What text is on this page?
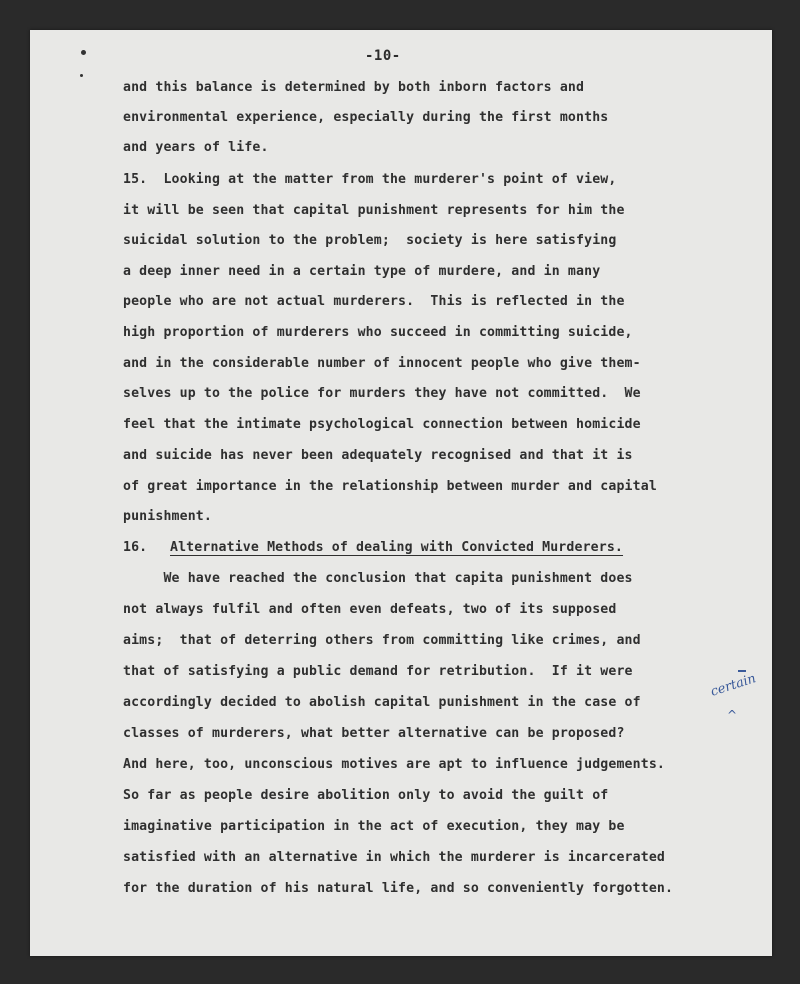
-10-
and this balance is determined by both inborn factors and
environmental experience, especially during the first months
and years of life.
15.  Looking at the matter from the murderer's point of view,
it will be seen that capital punishment represents for him the
suicidal solution to the problem;  society is here satisfying
a deep inner need in a certain type of murdere, and in many
people who are not actual murderers.  This is reflected in the
high proportion of murderers who succeed in committing suicide,
and in the considerable number of innocent people who give them-
selves up to the police for murders they have not committed.  We
feel that the intimate psychological connection between homicide
and suicide has never been adequately recognised and that it is
of great importance in the relationship between murder and capital
punishment.
16. Alternative Methods of dealing with Convicted Murderers.
We have reached the conclusion that capita punishment does
not always fulfil and often even defeats, two of its supposed
aims;  that of deterring others from committing like crimes, and
that of satisfying a public demand for retribution.  If it were
accordingly decided to abolish capital punishment in the case of
classes of murderers, what better alternative can be proposed?
And here, too, unconscious motives are apt to influence judgements.
So far as people desire abolition only to avoid the guilt of
imaginative participation in the act of execution, they may be
satisfied with an alternative in which the murderer is incarcerated
for the duration of his natural life, and so conveniently forgotten.
certain
^
